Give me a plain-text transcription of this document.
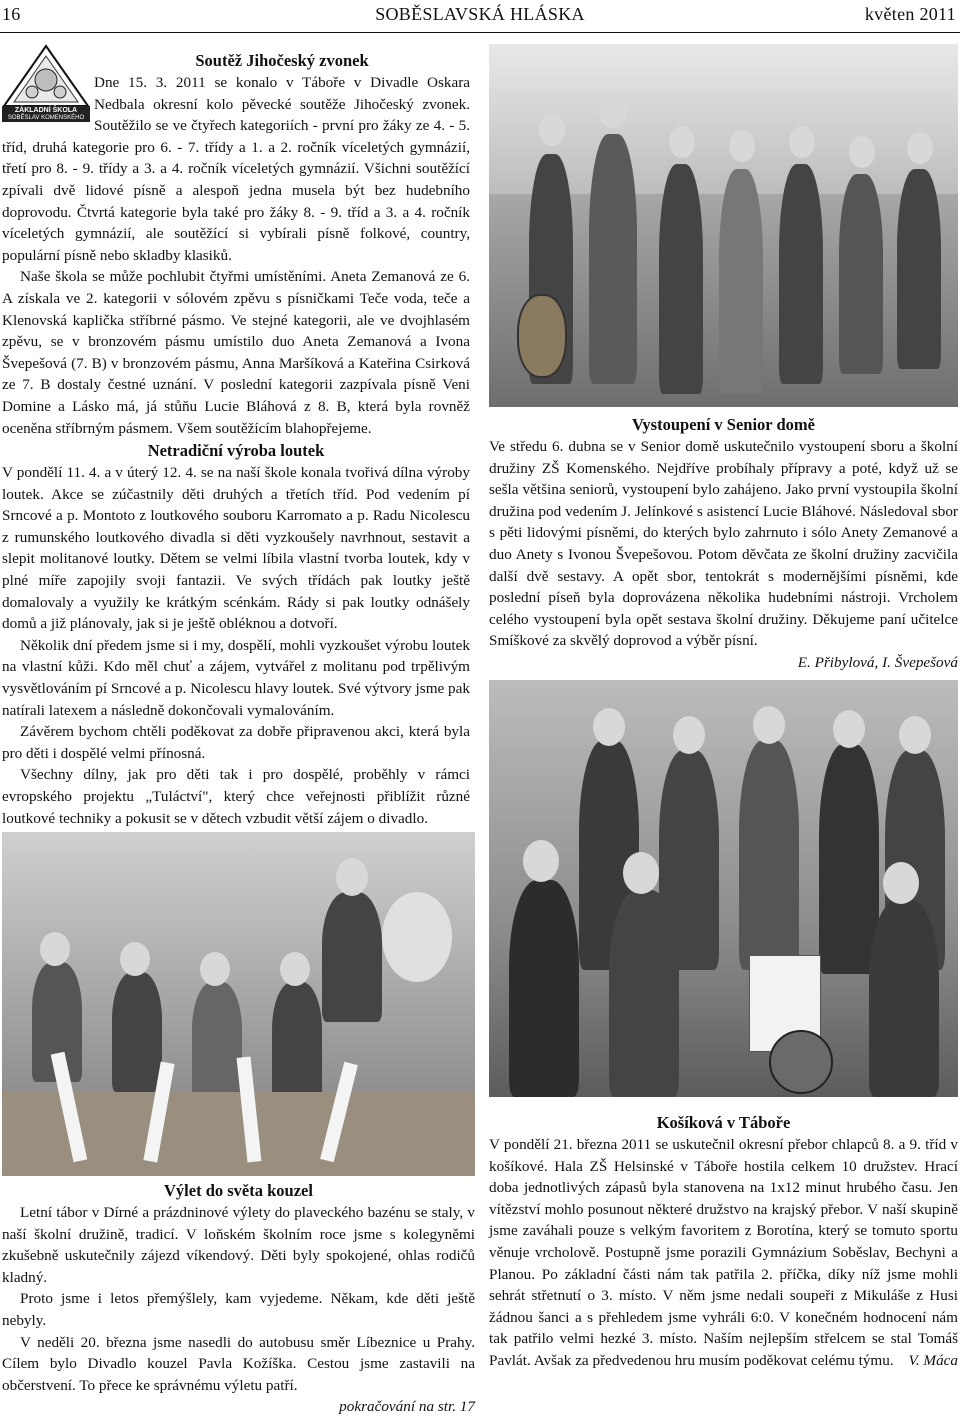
16	SOBĚSLAVSKÁ HLÁSKA	květen 2011
ZÁKLADNÍ ŠKOLA
SOBĚSLAV KOMENSKÉHO

Soutěž Jihočeský zvonek

Dne 15. 3. 2011 se konalo v Táboře v Divadle Oskara Nedbala okresní kolo pěvecké soutěže Jihočeský zvonek. Soutěžilo se ve čtyřech kategoriích - první pro žáky ze 4. - 5. tříd, druhá kategorie pro 6. - 7. třídy a 1. a 2. ročník víceletých gymnázií, třetí pro 8. - 9. třídy a 3. a 4. ročník víceletých gymnázií. Všichni soutěžící zpívali dvě lidové písně a alespoň jedna musela být bez hudebního doprovodu. Čtvrtá kategorie byla také pro žáky 8. - 9. tříd a 3. a 4. ročník víceletých gymnázií, ale soutěžící si vybírali písně folkové, country, populární písně nebo skladby klasiků.

Naše škola se může pochlubit čtyřmi umístěními. Aneta Zemanová ze 6. A získala ve 2. kategorii v sólovém zpěvu s písničkami Teče voda, teče a Klenovská kaplička stříbrné pásmo. Ve stejné kategorii, ale ve dvojhlasém zpěvu, se v bronzovém pásmu umístilo duo Aneta Zemanová a Ivona Švepešová (7. B) v bronzovém pásmu, Anna Maršíková a Kateřina Csirková ze 7. B dostaly čestné uznání. V poslední kategorii zazpívala písně Veni Domine a Lásko má, já stůňu Lucie Bláhová z 8. B, která byla rovněž oceněna stříbrným pásmem. Všem soutěžícím blahopřejeme.

Netradiční výroba loutek

V pondělí 11. 4. a v úterý 12. 4. se na naší škole konala tvořivá dílna výroby loutek. Akce se zúčastnily děti druhých a třetích tříd. Pod vedením pí Srncové a p. Montoto z loutkového souboru Karromato a p. Radu Nicolescu z rumunského loutkového divadla si děti vyzkoušely navrhnout, sestavit a slepit molitanové loutky. Dětem se velmi líbila vlastní tvorba loutek, kdy v plné míře zapojily svoji fantazii. Ve svých třídách pak loutky ještě domalovaly a využily ke krátkým scénkám. Rády si pak loutky odnášely domů a již plánovaly, jak si je ještě obléknou a dotvoří.

Několik dní předem jsme si i my, dospělí, mohli vyzkoušet výrobu loutek na vlastní kůži. Kdo měl chuť a zájem, vytvářel z molitanu pod trpělivým vysvětlováním pí Srncové a p. Nicolescu hlavy loutek. Své výtvory jsme pak natírali latexem a následně dokončovali vymalováním.

Závěrem bychom chtěli poděkovat za dobře připravenou akci, která byla pro děti i dospělé velmi přínosná.

Všechny dílny, jak pro děti tak i pro dospělé, proběhly v rámci evropského projektu „Tuláctví", který chce veřejnosti přiblížit různé loutkové techniky a pokusit se v dětech vzbudit větší zájem o divadlo.

Vystoupení v Senior domě

Ve středu 6. dubna se v Senior domě uskutečnilo vystoupení sboru a školní družiny ZŠ Komenského. Nejdříve probíhaly přípravy a poté, když už se sešla většina seniorů, vystoupení bylo zahájeno. Jako první vystoupila školní družina pod vedením J. Jelínkové s asistencí Lucie Bláhové. Následoval sbor s pěti lidovými písněmi, do kterých bylo zahrnuto i sólo Anety Zemanové a duo Anety s Ivonou Švepešovou. Potom děvčata ze školní družiny zacvičila další dvě sestavy. A opět sbor, tentokrát s modernějšími písněmi, kde poslední píseň byla doprovázena několika hudebními nástroji. Vrcholem celého vystoupení byla opět sestava školní družiny. Děkujeme paní učitelce Smíškové za skvělý doprovod a výběr písní.

E. Přibylová, I. Švepešová

Výlet do světa kouzel

Letní tábor v Dírné a prázdninové výlety do plaveckého bazénu se staly, v naší školní družině, tradicí. V loňském školním roce jsme s kolegyněmi zkušebně uskutečnily zájezd víkendový. Děti byly spokojené, ohlas rodičů kladný.

Proto jsme i letos přemýšlely, kam vyjedeme. Někam, kde děti ještě nebyly.

V neděli 20. března jsme nasedli do autobusu směr Líbeznice u Prahy. Cílem bylo Divadlo kouzel Pavla Kožíška. Cestou jsme zastavili na občerstvení. To přece ke správnému výletu patří.

pokračování na str. 17

Košíková v Táboře

V pondělí 21. března 2011 se uskutečnil okresní přebor chlapců 8. a 9. tříd v košíkové. Hala ZŠ Helsinské v Táboře hostila celkem 10 družstev. Hrací doba jednotlivých zápasů byla stanovena na 1x12 minut hrubého času. Jen vítězství mohlo posunout některé družstvo na krajský přebor. V naší skupině jsme zaváhali pouze s velkým favoritem z Borotína, který se tomuto sportu věnuje vrcholově. Postupně jsme porazili Gymnázium Soběslav, Bechyni a Planou. Po základní části nám tak patřila 2. příčka, díky níž jsme mohli sehrát střetnutí o 3. místo. V něm jsme nedali soupeři z Mikuláše z Husi žádnou šanci a s přehledem jsme vyhráli 6:0. V konečném hodnocení nám tak patřilo velmi hezké 3. místo. Naším nejlepším střelcem se stal Tomáš Pavlát. Avšak za předvedenou hru musím poděkovat celému týmu. V. Máca
